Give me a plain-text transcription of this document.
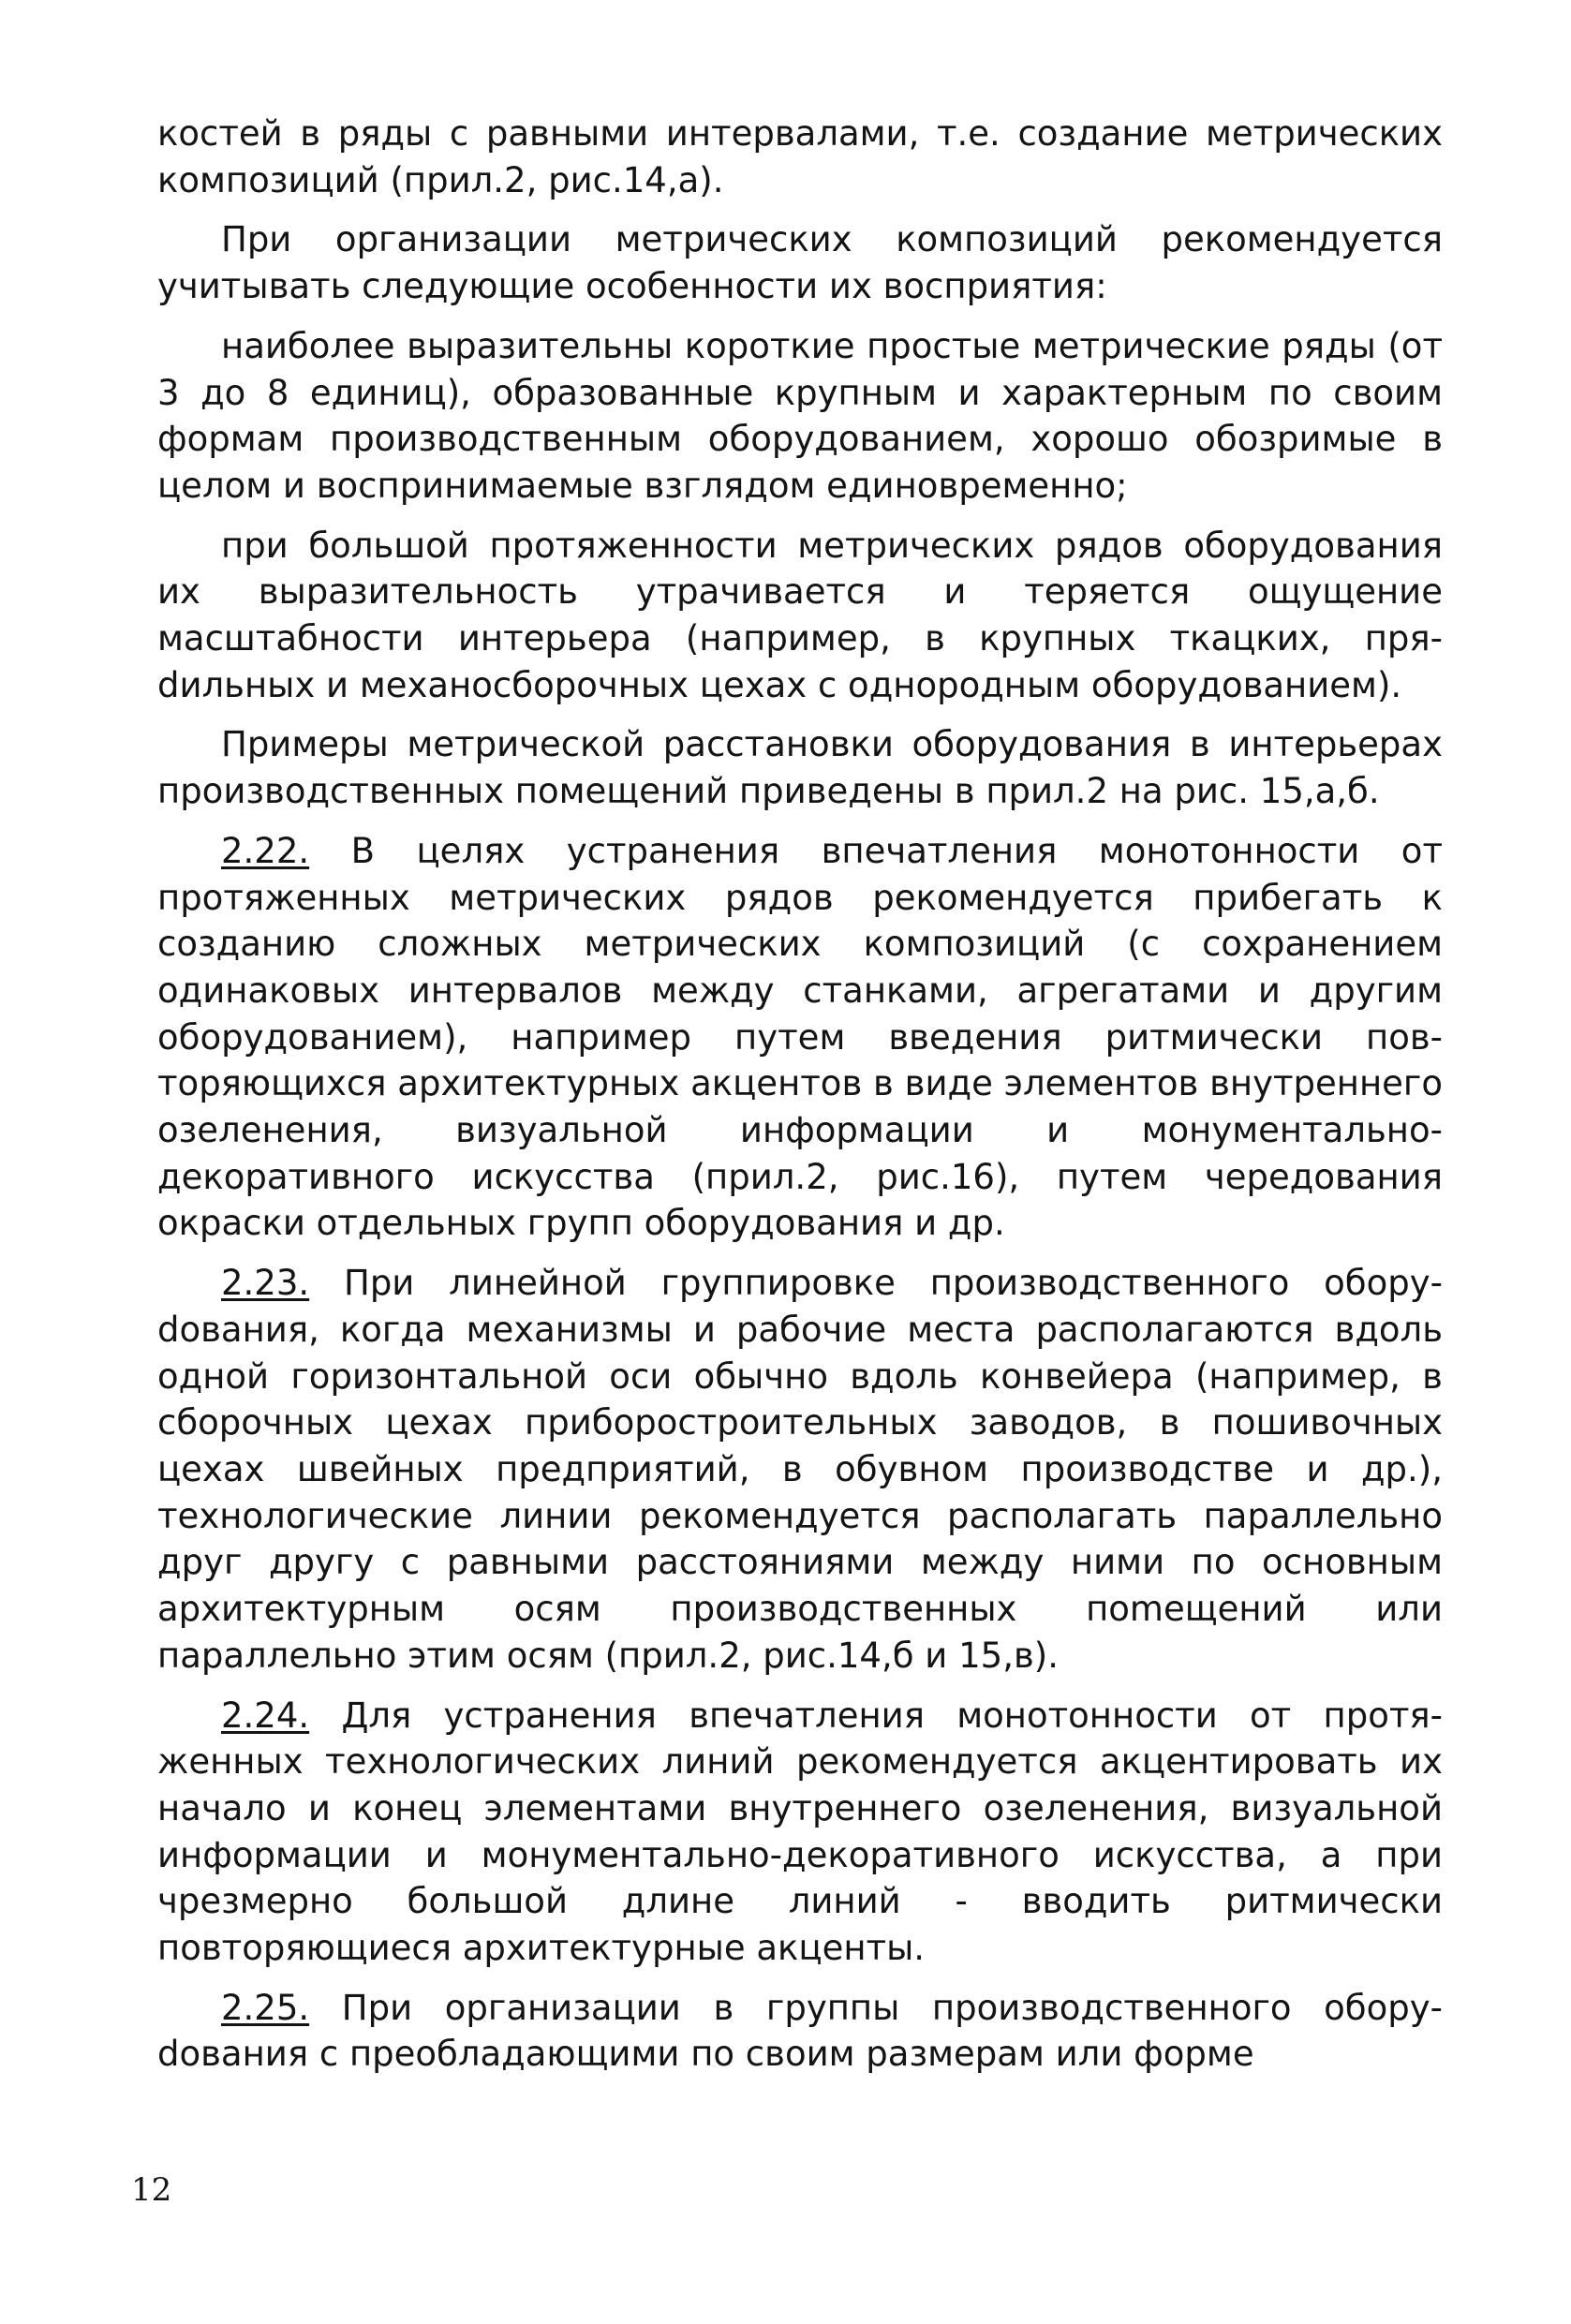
костей в ряды с равными интервалами, т.е. создание метрических композиций (прил.2, рис.14,а).

При организации метрических композиций рекомендуется учитывать следующие особенности их восприятия:

наиболее выразительны короткие простые метрические ряды (от 3 до 8 единиц), образованные крупным и характерным по своим формам производственным оборудованием, хорошо обозримые в целом и воспринимаемые взглядом единовременно;

при большой протяженности метрических рядов оборудования их выразительность утрачивается и теряется ощущение масштабности интерьера (например, в крупных ткацких, пряdильных и механосборочных цехах с однородным оборудованием).

Примеры метрической расстановки оборудования в интерьерах производственных помещений приведены в прил.2 на рис. 15,а,б.

2.22. В целях устранения впечатления монотонности от протяженных метрических рядов рекомендуется прибегать к созданию сложных метрических композиций (с сохранением одинаковых интервалов между станками, агрегатами и другим оборудованием), например путем введения ритмически повторяющихся архитектурных акцентов в виде элементов внутреннего озеленения, визуальной информации и монументально-декоративного искусства (прил.2, рис.16), путем чередования окраски отдельных групп оборудования и др.

2.23. При линейной группировке производственного оборуdования, когда механизмы и рабочие места располагаются вдоль одной горизонтальной оси обычно вдоль конвейера (например, в сборочных цехах приборостроительных заводов, в пошивочных цехах швейных предприятий, в обувном производстве и др.), технологические линии рекомендуется располагать параллельно друг другу с равными расстояниями между ними по основным архитектурным осям производственных поmещений или параллельно этим осям (прил.2, рис.14,б и 15,в).

2.24. Для устранения впечатления монотонности от протяженных технологических линий рекомендуется акцентировать их начало и конец элементами внутреннего озеленения, визуальной информации и монументально-декоративного искусства, а при чрезмерно большой длине линий - вводить ритмически повторяющиеся архитектурные акценты.

2.25. При организации в группы производственного оборуdования с преобладающими по своим размерам или форме

12
